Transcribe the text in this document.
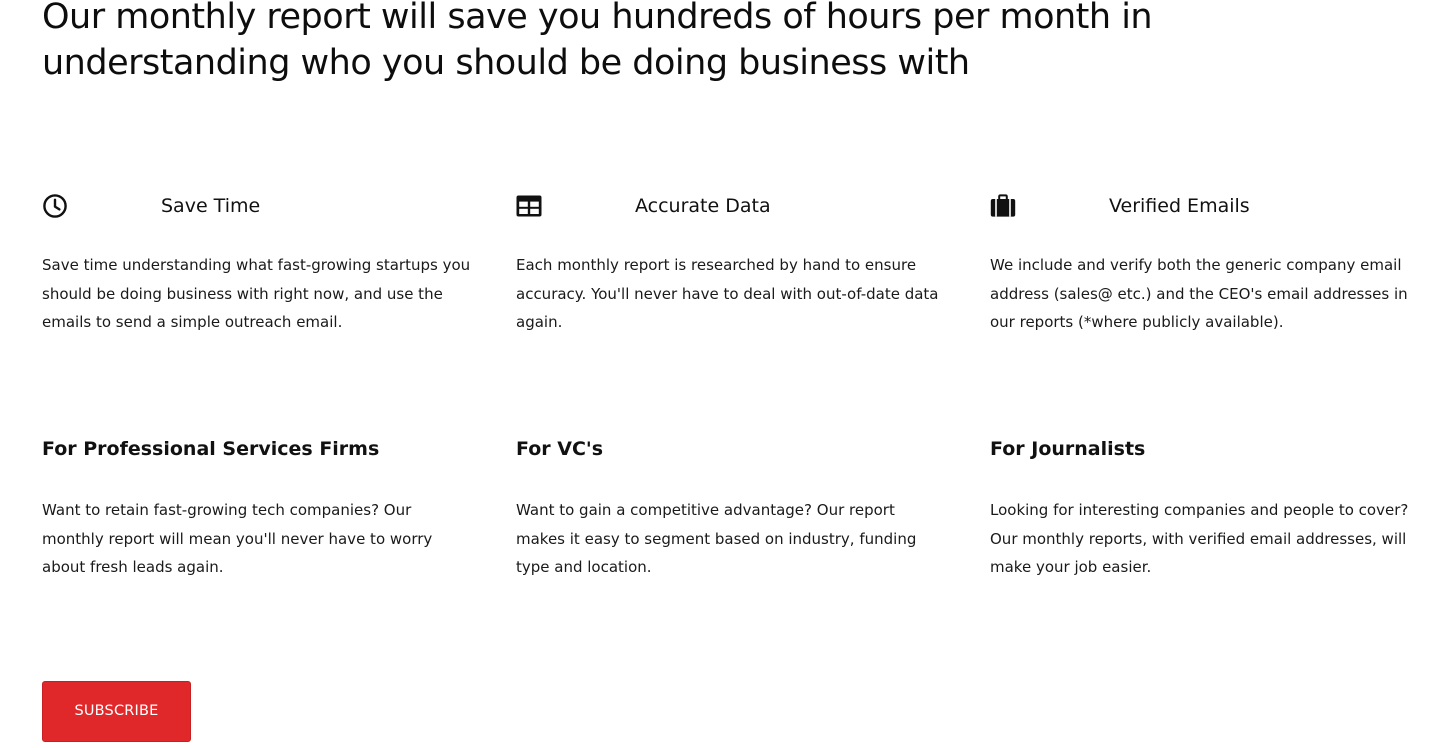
Our monthly report will save you hundreds of hours per month in understanding who you should be doing business with
Save Time

Save time understanding what fast-growing startups you should be doing business with right now, and use the emails to send a simple outreach email.

Accurate Data

Each monthly report is researched by hand to ensure accuracy. You'll never have to deal with out-of-date data again.

Verified Emails

We include and verify both the generic company email address (sales@ etc.) and the CEO's email addresses in our reports (*where publicly available).

For Professional Services Firms

Want to retain fast-growing tech companies? Our monthly report will mean you'll never have to worry about fresh leads again.

For VC's

Want to gain a competitive advantage? Our report makes it easy to segment based on industry, funding type and location.

For Journalists

Looking for interesting companies and people to cover? Our monthly reports, with verified email addresses, will make your job easier.

SUBSCRIBE
